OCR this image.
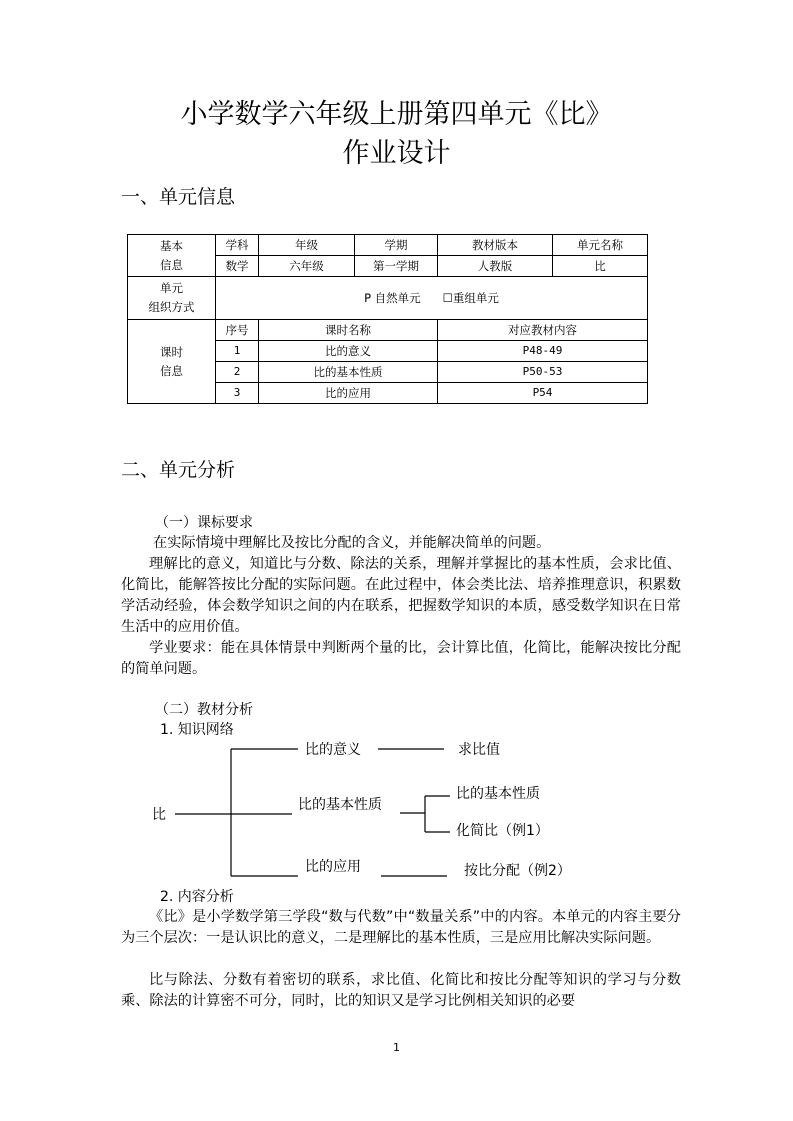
小学数学六年级上册第四单元《比》
作业设计
一、单元信息
基本
信息	学科	年级	学期	教材版本	单元名称
	数学	六年级	第一学期	人教版	比
单元
组织方式	P 自然单元      ☐重组单元				
课时
信息	序号	课时名称		对应教材内容	
	1	比的意义		P48-49	
	2	比的基本性质		P50-53	
	3	比的应用		P54	
二、单元分析
（一）课标要求

在实际情境中理解比及按比分配的含义，并能解决简单的问题。

理解比的意义，知道比与分数、除法的关系，理解并掌握比的基本性质，会求比值、化简比，能解答按比分配的实际问题。在此过程中，体会类比法、培养推理意识，积累数学活动经验，体会数学知识之间的内在联系，把握数学知识的本质，感受数学知识在日常生活中的应用价值。

学业要求：能在具体情景中判断两个量的比，会计算比值，化简比，能解决按比分配的简单问题。

（二）教材分析
1. 知识网络
比
比的意义	求比值
比的基本性质
比的基本性质
化简比（例1）
比的应用	按比分配（例2）
2. 内容分析

《比》是小学数学第三学段“数与代数”中“数量关系”中的内容。本单元的内容主要分为三个层次：一是认识比的意义，二是理解比的基本性质，三是应用比解决实际问题。

比与除法、分数有着密切的联系，求比值、化简比和按比分配等知识的学习与分数乘、除法的计算密不可分，同时，比的知识又是学习比例相关知识的必要

1
